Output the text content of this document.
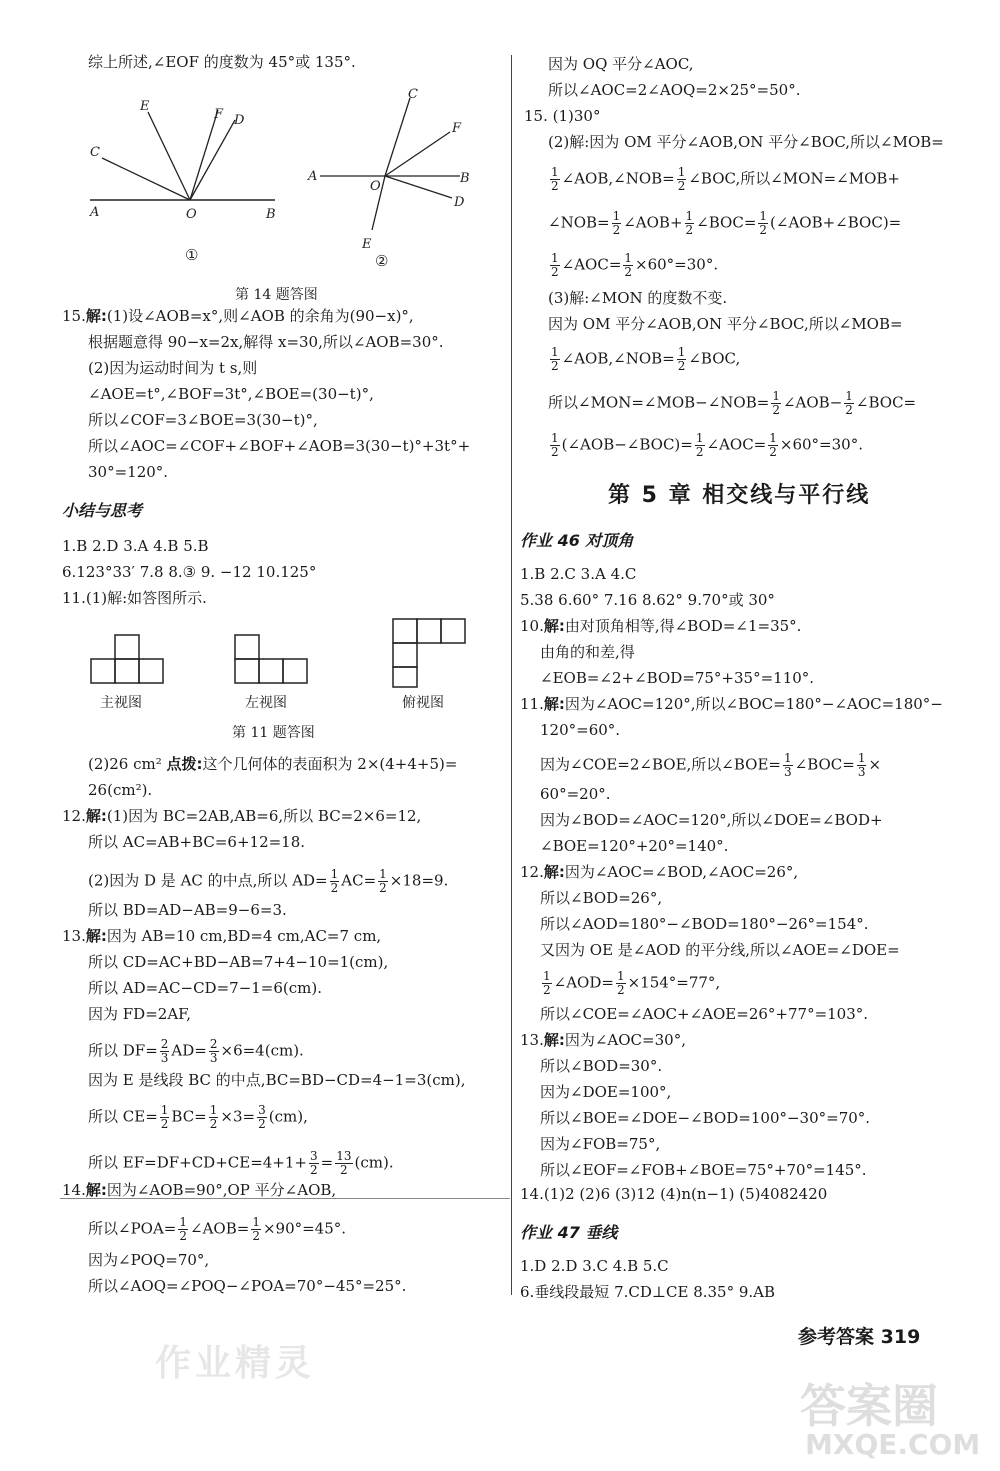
综上所述,∠EOF 的度数为 45°或 135°.
A	O	B
C
E
F D
①
A
O
B
C
F
D
E
②
第 14 题答图
15.解:(1)设∠AOB=x°,则∠AOB 的余角为(90−x)°,
根据题意得 90−x=2x,解得 x=30,所以∠AOB=30°.
(2)因为运动时间为 t s,则
∠AOE=t°,∠BOF=3t°,∠BOE=(30−t)°,
所以∠COF=3∠BOE=3(30−t)°,
所以∠AOC=∠COF+∠BOF+∠AOB=3(30−t)°+3t°+
30°=120°.
小结与思考
1.B 2.D 3.A 4.B 5.B
6.123°33′ 7.8 8.③ 9. −12 10.125°
11.(1)解:如答图所示.
主视图	左视图	俯视图
第 11 题答图
(2)26 cm² 点拨:这个几何体的表面积为 2×(4+4+5)=
26(cm²).
12.解:(1)因为 BC=2AB,AB=6,所以 BC=2×6=12,
所以 AC=AB+BC=6+12=18.
(2)因为 D 是 AC 的中点,所以 $AD= \frac{1}{2} AC= \frac{1}{2} \times 18=9$.
所以 BD=AD−AB=9−6=3.
13.解:因为 AB=10 cm,BD=4 cm,AC=7 cm,
所以 CD=AC+BD−AB=7+4−10=1(cm),
所以 AD=AC−CD=7−1=6(cm).
因为 FD=2AF,
所以 $DF= \frac{2}{3} AD= \frac{2}{3} \times 6=4(cm)$.
因为 E 是线段 BC 的中点,BC=BD−CD=4−1=3(cm),
所以 $CE= \frac{1}{2} BC= \frac{1}{2} \times 3= \frac{3}{2} (cm)$,
所以 $EF=DF+CD+CE=4+1+ \frac{3}{2} = \frac{13}{2} (cm)$.
14.解:因为∠AOB=90°,OP 平分∠AOB,
所以∠POA= $\frac{1}{2}$ ∠AOB= $\frac{1}{2} \times 90^\circ=45^\circ$.
因为∠POQ=70°,
所以∠AOQ=∠POQ−∠POA=70°−45°=25°.
因为 OQ 平分∠AOC,
所以∠AOC=2∠AOQ=2×25°=50°.
15. (1)30°
(2)解:因为 OM 平分∠AOB,ON 平分∠BOC,所以∠MOB=
$\frac{1}{2}$ ∠AOB,∠NOB= $\frac{1}{2}$ ∠BOC,所以∠MON=∠MOB+
∠NOB= $\frac{1}{2}$ ∠AOB+ $\frac{1}{2}$ ∠BOC= $\frac{1}{2}$ (∠AOB+∠BOC)=
$\frac{1}{2}$ ∠AOC= $\frac{1}{2} \times 60^\circ=30^\circ$.
(3)解:∠MON 的度数不变.
因为 OM 平分∠AOB,ON 平分∠BOC,所以∠MOB=
$\frac{1}{2}$ ∠AOB,∠NOB= $\frac{1}{2}$ ∠BOC,
所以∠MON=∠MOB−∠NOB= $\frac{1}{2}$ ∠AOB− $\frac{1}{2}$ ∠BOC=
$\frac{1}{2}$ (∠AOB−∠BOC)= $\frac{1}{2}$ ∠AOC= $\frac{1}{2} \times 60^\circ=30^\circ$.
第 5 章 相交线与平行线
作业 46 对顶角
1.B 2.C 3.A 4.C
5.38 6.60° 7.16 8.62° 9.70°或 30°
10.解:由对顶角相等,得∠BOD=∠1=35°.
由角的和差,得
∠EOB=∠2+∠BOD=75°+35°=110°.
11.解:因为∠AOC=120°,所以∠BOC=180°−∠AOC=180°−
120°=60°.
因为∠COE=2∠BOE,所以∠BOE= $\frac{1}{3}$ ∠BOC= $\frac{1}{3}$ ×
60°=20°.
因为∠BOD=∠AOC=120°,所以∠DOE=∠BOD+
∠BOE=120°+20°=140°.
12.解:因为∠AOC=∠BOD,∠AOC=26°,
所以∠BOD=26°,
所以∠AOD=180°−∠BOD=180°−26°=154°.
又因为 OE 是∠AOD 的平分线,所以∠AOE=∠DOE=
$\frac{1}{2}$ ∠AOD= $\frac{1}{2} \times 154^\circ=77^\circ$,
所以∠COE=∠AOC+∠AOE=26°+77°=103°.
13.解:因为∠AOC=30°,
所以∠BOD=30°.
因为∠DOE=100°,
所以∠BOE=∠DOE−∠BOD=100°−30°=70°.
因为∠FOB=75°,
所以∠EOF=∠FOB+∠BOE=75°+70°=145°.
14.(1)2 (2)6 (3)12 (4)n(n−1) (5)4082420
作业 47 垂线
1.D 2.D 3.C 4.B 5.C
6.垂线段最短 7.CD⊥CE 8.35° 9.AB
参考答案 319
作业精灵
答案圈
MXQE.COM
